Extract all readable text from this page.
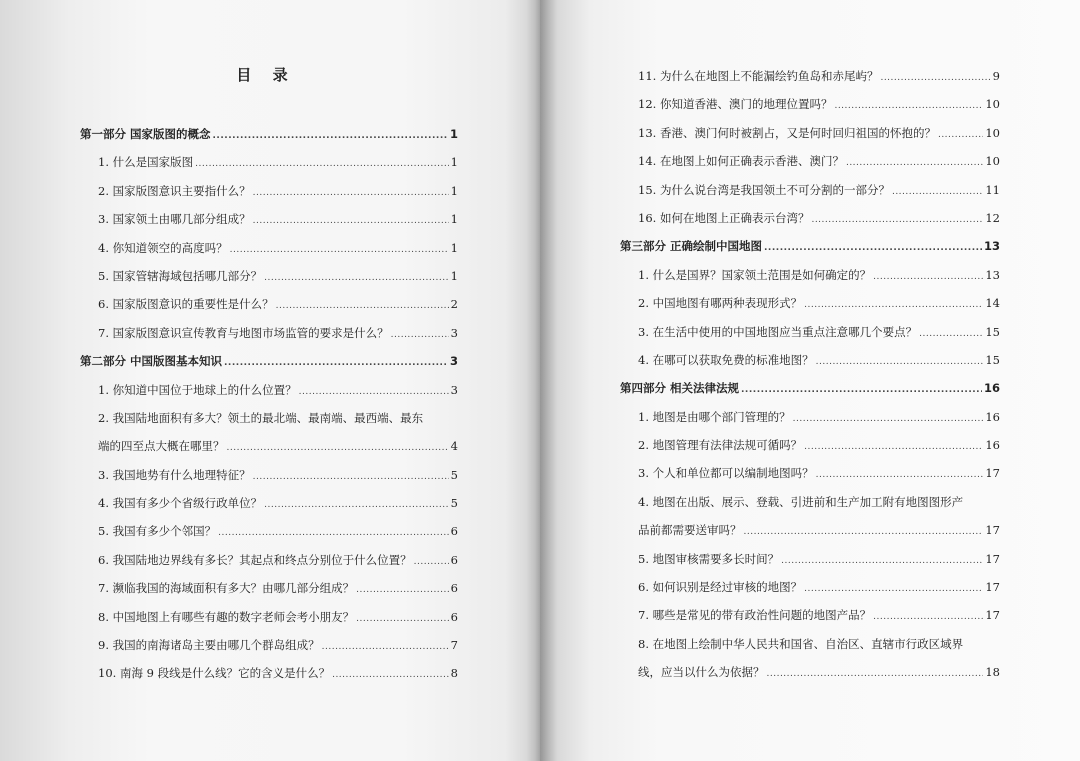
目 录
第一部分 国家版图的概念 .....	1
1. 什么是国家版图 .....	1
2. 国家版图意识主要指什么？ .....	1
3. 国家领土由哪几部分组成？ .....	1
4. 你知道领空的高度吗？ .....	1
5. 国家管辖海域包括哪几部分？ .....	1
6. 国家版图意识的重要性是什么？ .....	2
7. 国家版图意识宣传教育与地图市场监管的要求是什么？ .....	3
第二部分 中国版图基本知识 .....	3
1. 你知道中国位于地球上的什么位置？ .....	3
2. 我国陆地面积有多大？领土的最北端、最南端、最西端、最东
端的四至点大概在哪里？ .....	4
3. 我国地势有什么地理特征？ .....	5
4. 我国有多少个省级行政单位？ .....	5
5. 我国有多少个邻国？ .....	6
6. 我国陆地边界线有多长？其起点和终点分别位于什么位置？ .....	6
7. 濒临我国的海域面积有多大？由哪几部分组成？ .....	6
8. 中国地图上有哪些有趣的数字老师会考小朋友？ .....	6
9. 我国的南海诸岛主要由哪几个群岛组成？ .....	7
10. 南海 9 段线是什么线？它的含义是什么？ .....	8
11. 为什么在地图上不能漏绘钓鱼岛和赤尾屿？ .....	9
12. 你知道香港、澳门的地理位置吗？ .....	10
13. 香港、澳门何时被割占，又是何时回归祖国的怀抱的？ .....	10
14. 在地图上如何正确表示香港、澳门？ .....	10
15. 为什么说台湾是我国领土不可分割的一部分？ .....	11
16. 如何在地图上正确表示台湾？ .....	12
第三部分 正确绘制中国地图 .....	13
1. 什么是国界？国家领土范围是如何确定的？ .....	13
2. 中国地图有哪两种表现形式？ .....	14
3. 在生活中使用的中国地图应当重点注意哪几个要点？ .....	15
4. 在哪可以获取免费的标准地图？ .....	15
第四部分 相关法律法规 .....	16
1. 地图是由哪个部门管理的？ .....	16
2. 地图管理有法律法规可循吗？ .....	16
3. 个人和单位都可以编制地图吗？ .....	17
4. 地图在出版、展示、登载、引进前和生产加工附有地图图形产
品前都需要送审吗？ .....	17
5. 地图审核需要多长时间？ .....	17
6. 如何识别是经过审核的地图？ .....	17
7. 哪些是常见的带有政治性问题的地图产品？ .....	17
8. 在地图上绘制中华人民共和国省、自治区、直辖市行政区域界
线，应当以什么为依据？ .....	18
